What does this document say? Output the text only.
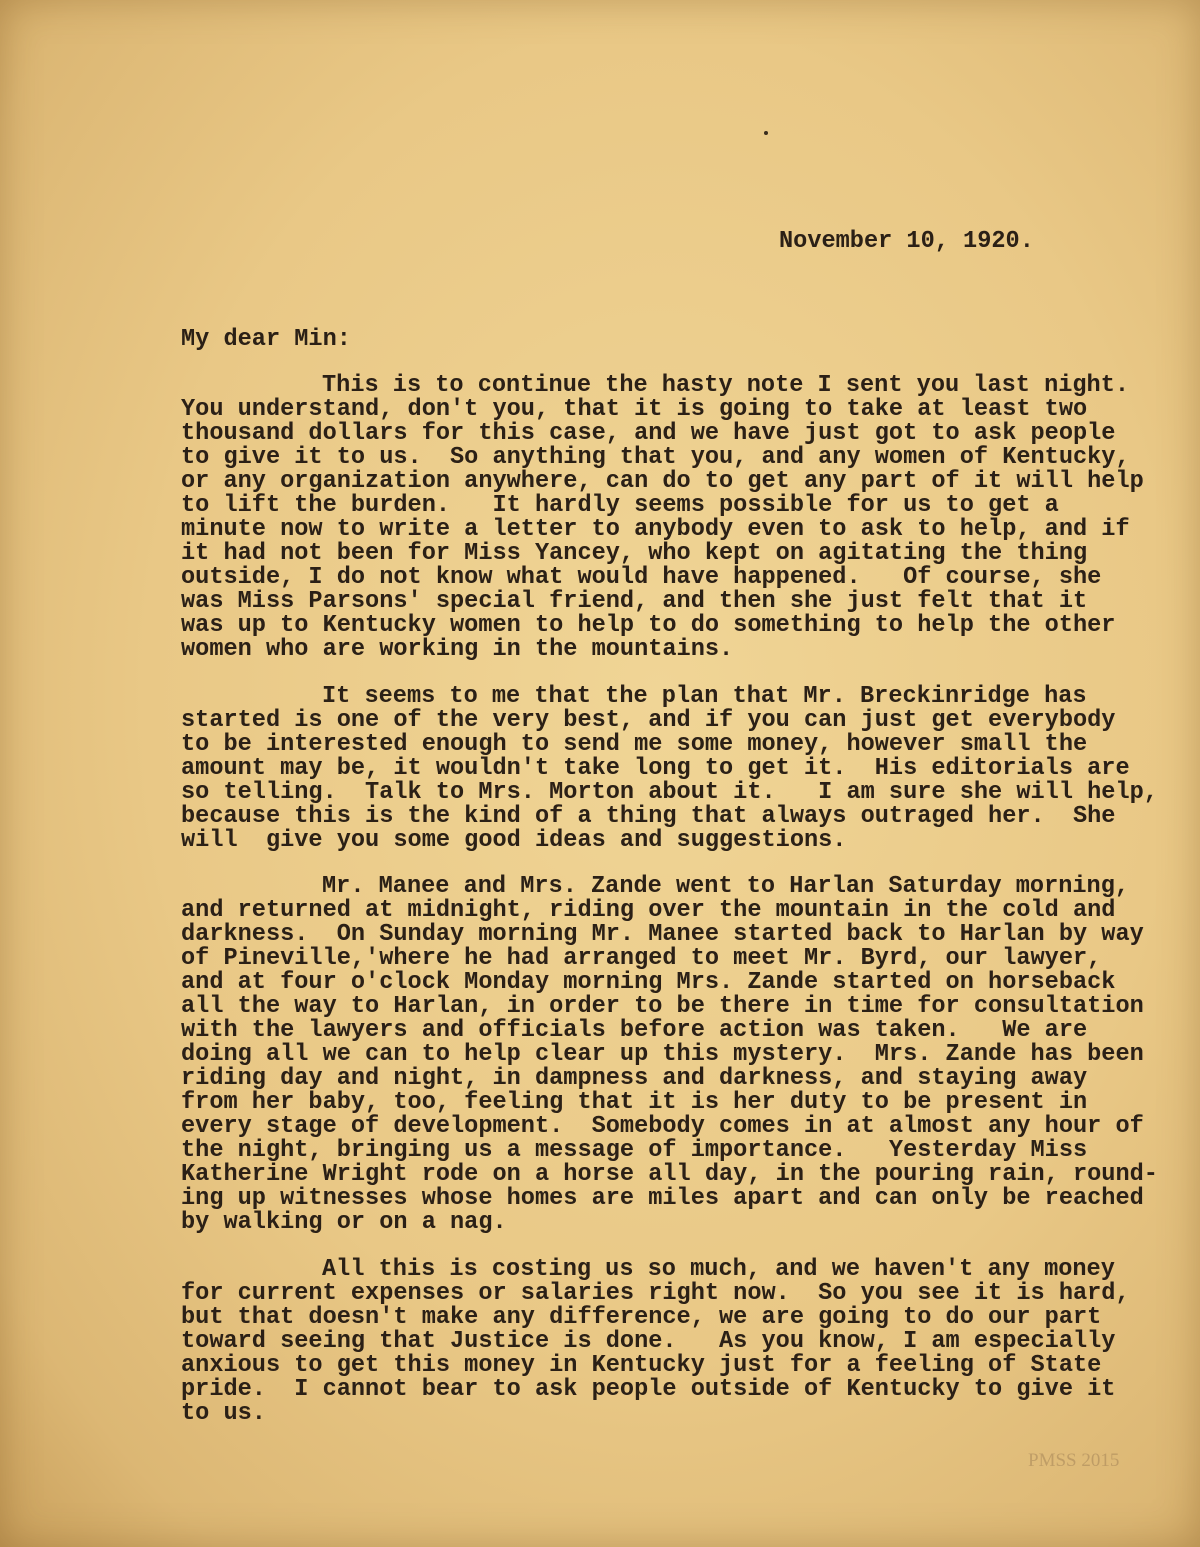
November 10, 1920.
My dear Min:
This is to continue the hasty note I sent you last night.
You understand, don't you, that it is going to take at least two
thousand dollars for this case, and we have just got to ask people
to give it to us.  So anything that you, and any women of Kentucky,
or any organization anywhere, can do to get any part of it will help
to lift the burden.   It hardly seems possible for us to get a
minute now to write a letter to anybody even to ask to help, and if
it had not been for Miss Yancey, who kept on agitating the thing
outside, I do not know what would have happened.   Of course, she
was Miss Parsons' special friend, and then she just felt that it
was up to Kentucky women to help to do something to help the other
women who are working in the mountains.
It seems to me that the plan that Mr. Breckinridge has
started is one of the very best, and if you can just get everybody
to be interested enough to send me some money, however small the
amount may be, it wouldn't take long to get it.  His editorials are
so telling.  Talk to Mrs. Morton about it.   I am sure she will help,
because this is the kind of a thing that always outraged her.  She
will  give you some good ideas and suggestions.
Mr. Manee and Mrs. Zande went to Harlan Saturday morning,
and returned at midnight, riding over the mountain in the cold and
darkness.  On Sunday morning Mr. Manee started back to Harlan by way
of Pineville,'where he had arranged to meet Mr. Byrd, our lawyer,
and at four o'clock Monday morning Mrs. Zande started on horseback
all the way to Harlan, in order to be there in time for consultation
with the lawyers and officials before action was taken.   We are
doing all we can to help clear up this mystery.  Mrs. Zande has been
riding day and night, in dampness and darkness, and staying away
from her baby, too, feeling that it is her duty to be present in
every stage of development.  Somebody comes in at almost any hour of
the night, bringing us a message of importance.   Yesterday Miss
Katherine Wright rode on a horse all day, in the pouring rain, round-
ing up witnesses whose homes are miles apart and can only be reached
by walking or on a nag.
All this is costing us so much, and we haven't any money
for current expenses or salaries right now.  So you see it is hard,
but that doesn't make any difference, we are going to do our part
toward seeing that Justice is done.   As you know, I am especially
anxious to get this money in Kentucky just for a feeling of State
pride.  I cannot bear to ask people outside of Kentucky to give it
to us.
PMSS 2015
